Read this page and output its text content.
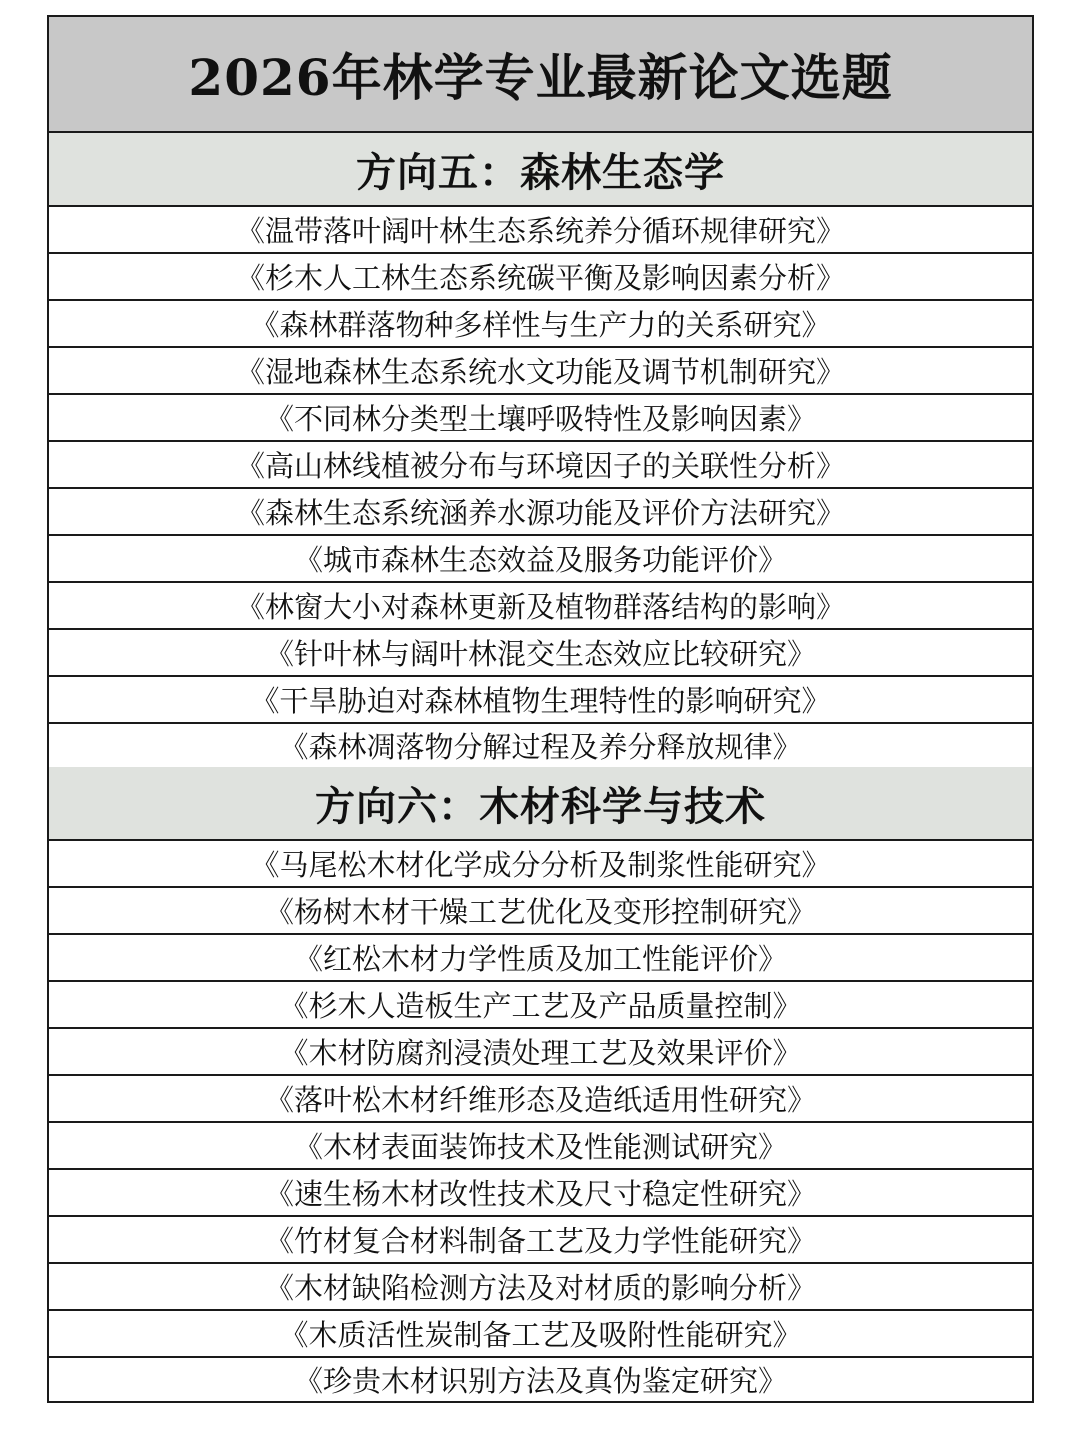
2026年林学专业最新论文选题
方向五：森林生态学
《温带落叶阔叶林生态系统养分循环规律研究》
《杉木人工林生态系统碳平衡及影响因素分析》
《森林群落物种多样性与生产力的关系研究》
《湿地森林生态系统水文功能及调节机制研究》
《不同林分类型土壤呼吸特性及影响因素》
《高山林线植被分布与环境因子的关联性分析》
《森林生态系统涵养水源功能及评价方法研究》
《城市森林生态效益及服务功能评价》
《林窗大小对森林更新及植物群落结构的影响》
《针叶林与阔叶林混交生态效应比较研究》
《干旱胁迫对森林植物生理特性的影响研究》
《森林凋落物分解过程及养分释放规律》
方向六：木材科学与技术
《马尾松木材化学成分分析及制浆性能研究》
《杨树木材干燥工艺优化及变形控制研究》
《红松木材力学性质及加工性能评价》
《杉木人造板生产工艺及产品质量控制》
《木材防腐剂浸渍处理工艺及效果评价》
《落叶松木材纤维形态及造纸适用性研究》
《木材表面装饰技术及性能测试研究》
《速生杨木材改性技术及尺寸稳定性研究》
《竹材复合材料制备工艺及力学性能研究》
《木材缺陷检测方法及对材质的影响分析》
《木质活性炭制备工艺及吸附性能研究》
《珍贵木材识别方法及真伪鉴定研究》
